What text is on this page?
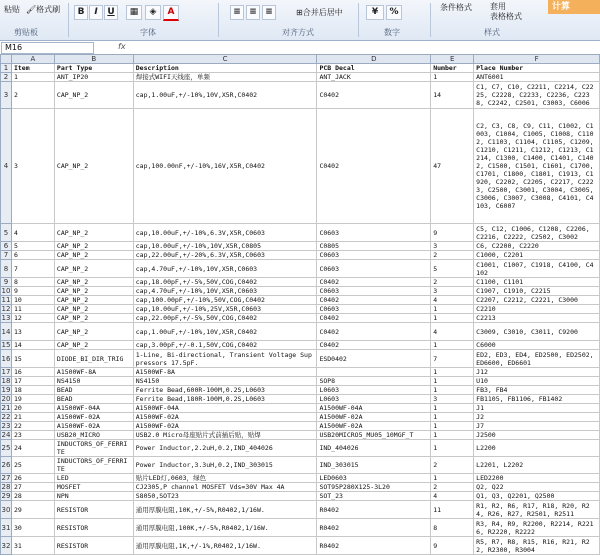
粘贴 🖌格式刷	B	I	U	▦	◈	A	≡ ≡ ≡	⊞合并后居中	¥	%	条件格式 套用
表格格式
计算
剪贴板	字体	对齐方式	数字	样式
M16	fx
	A	B	C	D	E	F
1	Item	Part Type	Description	PCB Decal	Number	Place Number
2	1	ANT_IP20	焊接式WIFI天线座，单频	ANT_JACK	1	ANT6001
3	2	CAP_NP_2	cap,1.00uF,+/-10%,10V,X5R,C0402	C0402	14	C1, C7, C10, C2211, C2214, C2225, C2228, C2233, C2236, C2238, C2242, C2501, C3003, C6006
4	3	CAP_NP_2	cap,100.00nF,+/-10%,16V,X5R,C0402	C0402	47	C2, C3, C8, C9, C11, C1002, C1003, C1004, C1005, C1008, C1102, C1103, C1104, C1105, C1209, C1210, C1211, C1212, C1213, C1214, C1300, C1400, C1401, C1402, C1500, C1501, C1601, C1700, C1701, C1800, C1801, C1913, C1920, C2202, C2205, C2217, C2223, C2500, C3001, C3004, C3005, C3006, C3007, C3008, C4101, C4103, C6007
5	4	CAP_NP_2	cap,10.00uF,+/-10%,6.3V,X5R,C0603	C0603	9	C5, C12, C1006, C1208, C2206, C2216, C2222, C2502, C3002
6	5	CAP_NP_2	cap,10.00uF,+/-10%,10V,X5R,C0805	C0805	3	C6, C2200, C2220
7	6	CAP_NP_2	cap,22.00uF,+/-20%,6.3V,X5R,C0603	C0603	2	C1000, C2201
8	7	CAP_NP_2	cap,4.70uF,+/-10%,10V,X5R,C0603	C0603	5	C1001, C1007, C1918, C4100, C4102
9	8	CAP_NP_2	cap,18.00pF,+/-5%,50V,COG,C0402	C0402	2	C1100, C1101
10	9	CAP_NP_2	cap,4.70uF,+/-10%,10V,X5R,C0603	C0603	3	C1907, C1910, C2215
11	10	CAP_NP_2	cap,100.00pF,+/-10%,50V,COG,C0402	C0402	4	C2207, C2212, C2221, C3000
12	11	CAP_NP_2	cap,10.00uF,+/-10%,25V,X5R,C0603	C0603	1	C2210
13	12	CAP_NP_2	cap,22.00pF,+/-5%,50V,COG,C0402	C0402	1	C2213
14	13	CAP_NP_2	cap,1.00uF,+/-10%,10V,X5R,C0402	C0402	4	C3009, C3010, C3011, C9200
15	14	CAP_NP_2	cap,3.00pF,+/-0.1,50V,COG,C0402	C0402	1	C6000
16	15	DIODE_BI_DIR_TRIG	1-Line, Bi-directional, Transient Voltage Suppressors 17.5pF.	ESD0402	7	ED2, ED3, ED4, ED2500, ED2502, ED6600, ED6601
17	16	A1500WF-8A	A1500WF-8A		1	J12
18	17	NS4150	NS4150	SOP8	1	U10
19	18	BEAD	Ferrite Bead,600R-100M,0.2S,L0603	L0603	1	FB3, FB4
20	19	BEAD	Ferrite Bead,180R-100M,0.2S,L0603	L0603	3	FB1105, FB1106, FB1402
21	20	A1500WF-04A	A1500WF-04A	A1500WF-04A	1	J1
22	21	A1500WF-02A	A1500WF-02A	A1500WF-02A	1	J2
23	22	A1500WF-02A	A1500WF-02A	A1500WF-02A	1	J7
24	23	USB20_MICRO	USB2.0 Micro母座贴片式前插后贴，贴焊	USB20MICRO5_MU05_10MGF_T	1	J2500
25	24	INDUCTORS_OF_FERRITE	Power Inductor,2.2uH,0.2,IND_404026	IND_404026	1	L2200
26	25	INDUCTORS_OF_FERRITE	Power Inductor,3.3uH,0.2,IND_303015	IND_303015	2	L2201, L2202
27	26	LED	贴片LED灯,0603，绿色	LED0603	1	LED2200
28	27	MOSFET	CJ2305,P channel MOSFET Vds=30V Max 4A	SOT95P280X125-3L20	2	Q2, Q22
29	28	NPN	S8050,SOT23	SOT_23	4	Q1, Q3, Q2201, Q2500
30	29	RESISTOR	通用厚膜电阻,10K,+/-5%,R0402,1/16W.	R0402	11	R1, R2, R6, R17, R18, R20, R24, R26, R27, R2501, R2511
31	30	RESISTOR	通用厚膜电阻,100K,+/-5%,R0402,1/16W.	R0402	8	R3, R4, R9, R2200, R2214, R2216, R2220, R2222
32	31	RESISTOR	通用厚膜电阻,1K,+/-1%,R0402,1/16W.	R0402	9	R5, R7, R8, R15, R16, R21, R22, R2300, R3004
